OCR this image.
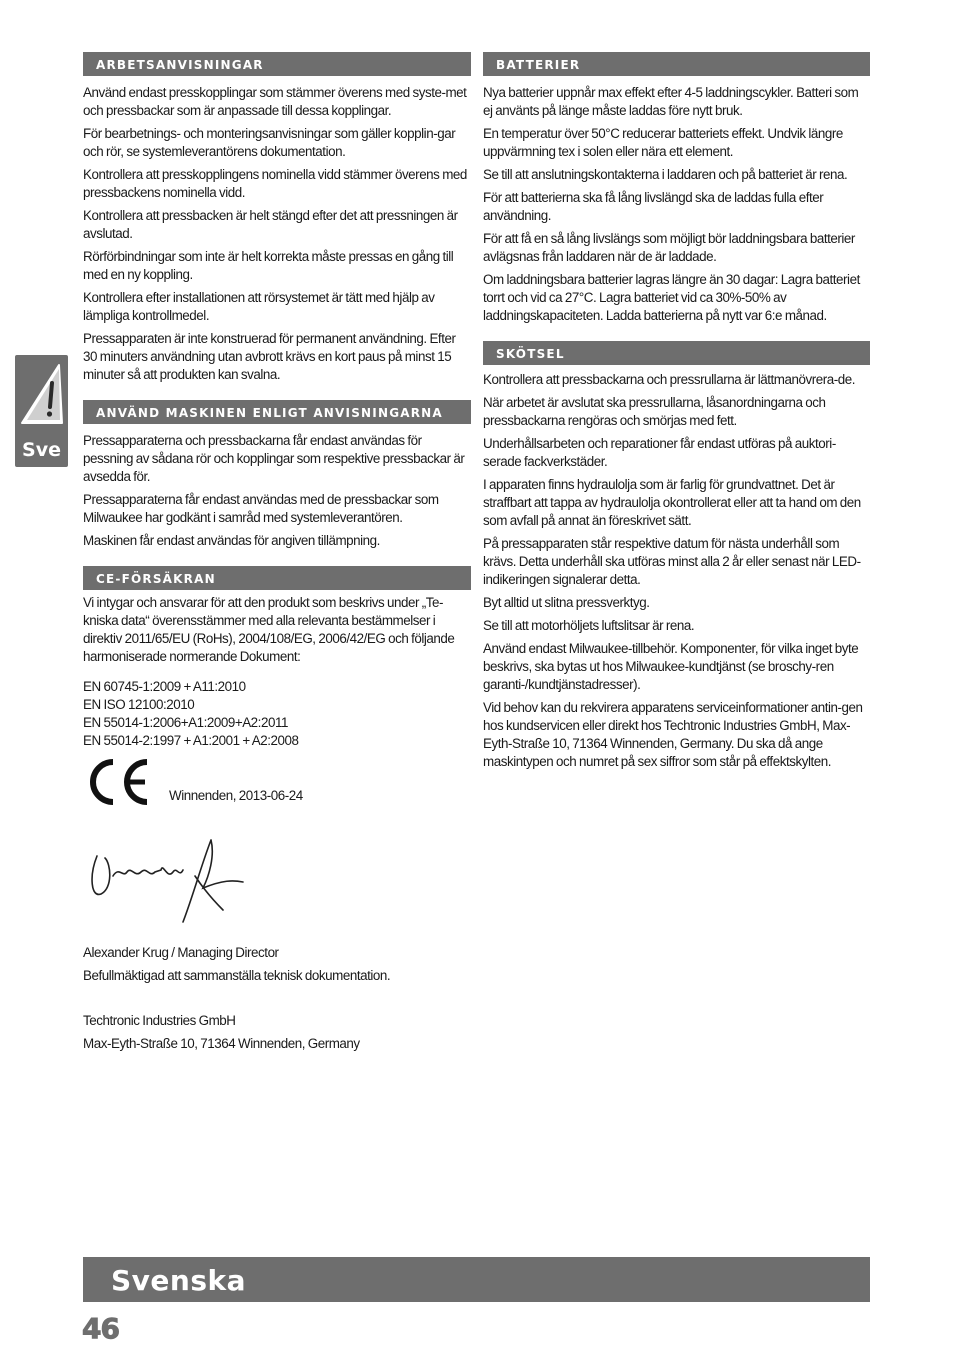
Sve
ARBETSANVISNINGAR

Använd endast presskopplingar som stämmer överens med syste-met och pressbackar som är anpassade till dessa kopplingar.

För bearbetnings- och monteringsanvisningar som gäller kopplin-gar och rör, se systemleverantörens dokumentation.

Kontrollera att presskopplingens nominella vidd stämmer överens med pressbackens nominella vidd.

Kontrollera att pressbacken är helt stängd efter det att pressningen är avslutad.

Rörförbindningar som inte är helt korrekta måste pressas en gång till med en ny koppling.

Kontrollera efter installationen att rörsystemet är tätt med hjälp av lämpliga kontrollmedel.

Pressapparaten är inte konstruerad för permanent användning. Efter 30 minuters användning utan avbrott krävs en kort paus på minst 15 minuter så att produkten kan svalna.

ANVÄND MASKINEN ENLIGT ANVISNINGARNA

Pressapparaterna och pressbackarna får endast användas för pessning av sådana rör och kopplingar som respektive pressbackar är avsedda för.

Pressapparaterna får endast användas med de pressbackar som Milwaukee har godkänt i samråd med systemleverantören.

Maskinen får endast användas för angiven tillämpning.

CE-FÖRSÄKRAN

Vi intygar och ansvarar för att den produkt som beskrivs under „Te-kniska data“ överensstämmer med alla relevanta bestämmelser i direktiv 2011/65/EU (RoHs), 2004/108/EG, 2006/42/EG och följande harmoniserade normerande Dokument:

EN 60745-1:2009 + A11:2010

EN ISO 12100:2010

EN 55014-1:2006+A1:2009+A2:2011

EN 55014-2:1997 + A1:2001 + A2:2008

Winnenden, 2013-06-24

Alexander Krug / Managing Director

Befullmäktigad att sammanställa teknisk dokumentation.

Techtronic Industries GmbH

Max-Eyth-Straße 10, 71364 Winnenden, Germany

BATTERIER

Nya batterier uppnår max effekt efter 4-5 laddningscykler. Batteri som ej använts på länge måste laddas före nytt bruk.

En temperatur över 50°C reducerar batteriets effekt. Undvik längre uppvärmning tex i solen eller nära ett element.

Se till att anslutningskontakterna i laddaren och på batteriet är rena.

För att batterierna ska få lång livslängd ska de laddas fulla efter användning.

För att få en så lång livslängs som möjligt bör laddningsbara batterier avlägsnas från laddaren när de är laddade.

Om laddningsbara batterier lagras längre än 30 dagar: Lagra batteriet torrt och vid ca 27°C. Lagra batteriet vid ca 30%-50% av laddningskapaciteten. Ladda batterierna på nytt var 6:e månad.

SKÖTSEL

Kontrollera att pressbackarna och pressrullarna är lättmanövrera-de.

När arbetet är avslutat ska pressrullarna, låsanordningarna och pressbackarna rengöras och smörjas med fett.

Underhållsarbeten och reparationer får endast utföras på auktori-serade fackverkstäder.

I apparaten finns hydraulolja som är farlig för grundvattnet. Det är straffbart att tappa av hydraulolja okontrollerat eller att ta hand om den som avfall på annat än föreskrivet sätt.

På pressapparaten står respektive datum för nästa underhåll som krävs. Detta underhåll ska utföras minst alla 2 år eller senast när LED-indikeringen signalerar detta.

Byt alltid ut slitna pressverktyg.

Se till att motorhöljets luftslitsar är rena.

Använd endast Milwaukee-tillbehör. Komponenter, för vilka inget byte beskrivs, ska bytas ut hos Milwaukee-kundtjänst (se broschy-ren garanti-/kundtjänstadresser).

Vid behov kan du rekvirera apparatens serviceinformationer antin-gen hos kundservicen eller direkt hos Techtronic Industries GmbH, Max-Eyth-Straße 10, 71364 Winnenden, Germany. Du ska då ange maskintypen och numret på sex siffror som står på effektskylten.

Svenska
46
